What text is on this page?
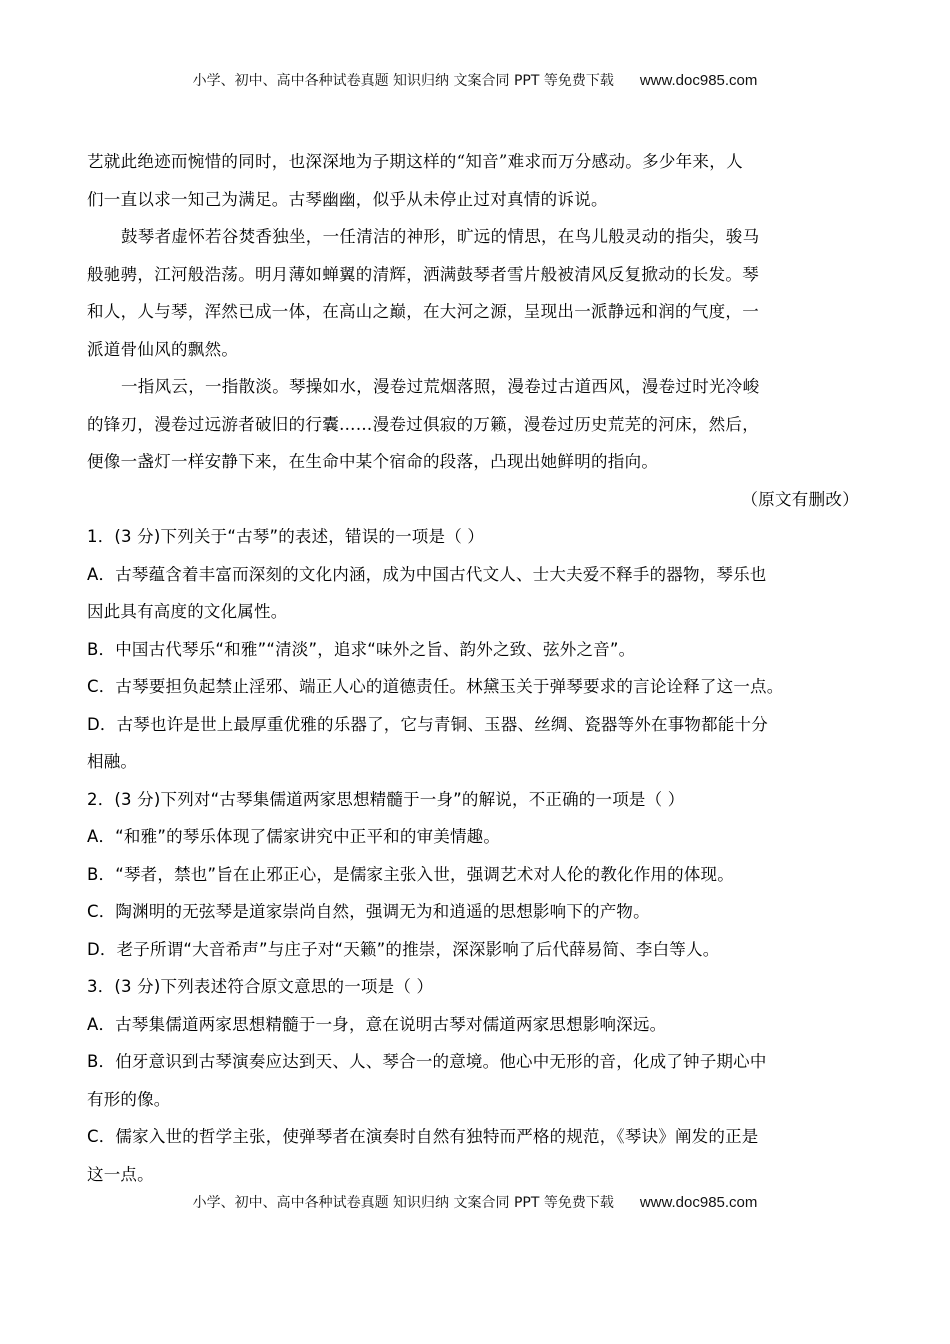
小学、初中、高中各种试卷真题 知识归纳 文案合同 PPT 等免费下载 www.doc985.com
艺就此绝迹而惋惜的同时，也深深地为子期这样的“知音”难求而万分感动。多少年来，人
们一直以求一知己为满足。古琴幽幽，似乎从未停止过对真情的诉说。
鼓琴者虚怀若谷焚香独坐，一任清洁的神形，旷远的情思，在鸟儿般灵动的指尖，骏马
般驰骋，江河般浩荡。明月薄如蝉翼的清辉，洒满鼓琴者雪片般被清风反复掀动的长发。琴
和人，人与琴，浑然已成一体，在高山之巅，在大河之源，呈现出一派静远和润的气度，一
派道骨仙风的飘然。
一指风云，一指散淡。琴操如水，漫卷过荒烟落照，漫卷过古道西风，漫卷过时光冷峻
的锋刃，漫卷过远游者破旧的行囊……漫卷过俱寂的万籁，漫卷过历史荒芜的河床，然后，
便像一盏灯一样安静下来，在生命中某个宿命的段落，凸现出她鲜明的指向。
（原文有删改）
1．(3 分)下列关于“古琴”的表述，错误的一项是（ ）
A．古琴蕴含着丰富而深刻的文化内涵，成为中国古代文人、士大夫爱不释手的器物，琴乐也
因此具有高度的文化属性。
B．中国古代琴乐“和雅”“清淡”，追求“味外之旨、韵外之致、弦外之音”。
C．古琴要担负起禁止淫邪、端正人心的道德责任。林黛玉关于弹琴要求的言论诠释了这一点。
D．古琴也许是世上最厚重优雅的乐器了，它与青铜、玉器、丝绸、瓷器等外在事物都能十分
相融。
2．(3 分)下列对“古琴集儒道两家思想精髓于一身”的解说，不正确的一项是（ ）
A．“和雅”的琴乐体现了儒家讲究中正平和的审美情趣。
B．“琴者，禁也”旨在止邪正心，是儒家主张入世，强调艺术对人伦的教化作用的体现。
C．陶渊明的无弦琴是道家崇尚自然，强调无为和逍遥的思想影响下的产物。
D．老子所谓“大音希声”与庄子对“天籁”的推崇，深深影响了后代薛易简、李白等人。
3．(3 分)下列表述符合原文意思的一项是（ ）
A．古琴集儒道两家思想精髓于一身，意在说明古琴对儒道两家思想影响深远。
B．伯牙意识到古琴演奏应达到天、人、琴合一的意境。他心中无形的音，化成了钟子期心中
有形的像。
C．儒家入世的哲学主张，使弹琴者在演奏时自然有独特而严格的规范，《琴诀》阐发的正是
这一点。
小学、初中、高中各种试卷真题 知识归纳 文案合同 PPT 等免费下载 www.doc985.com
